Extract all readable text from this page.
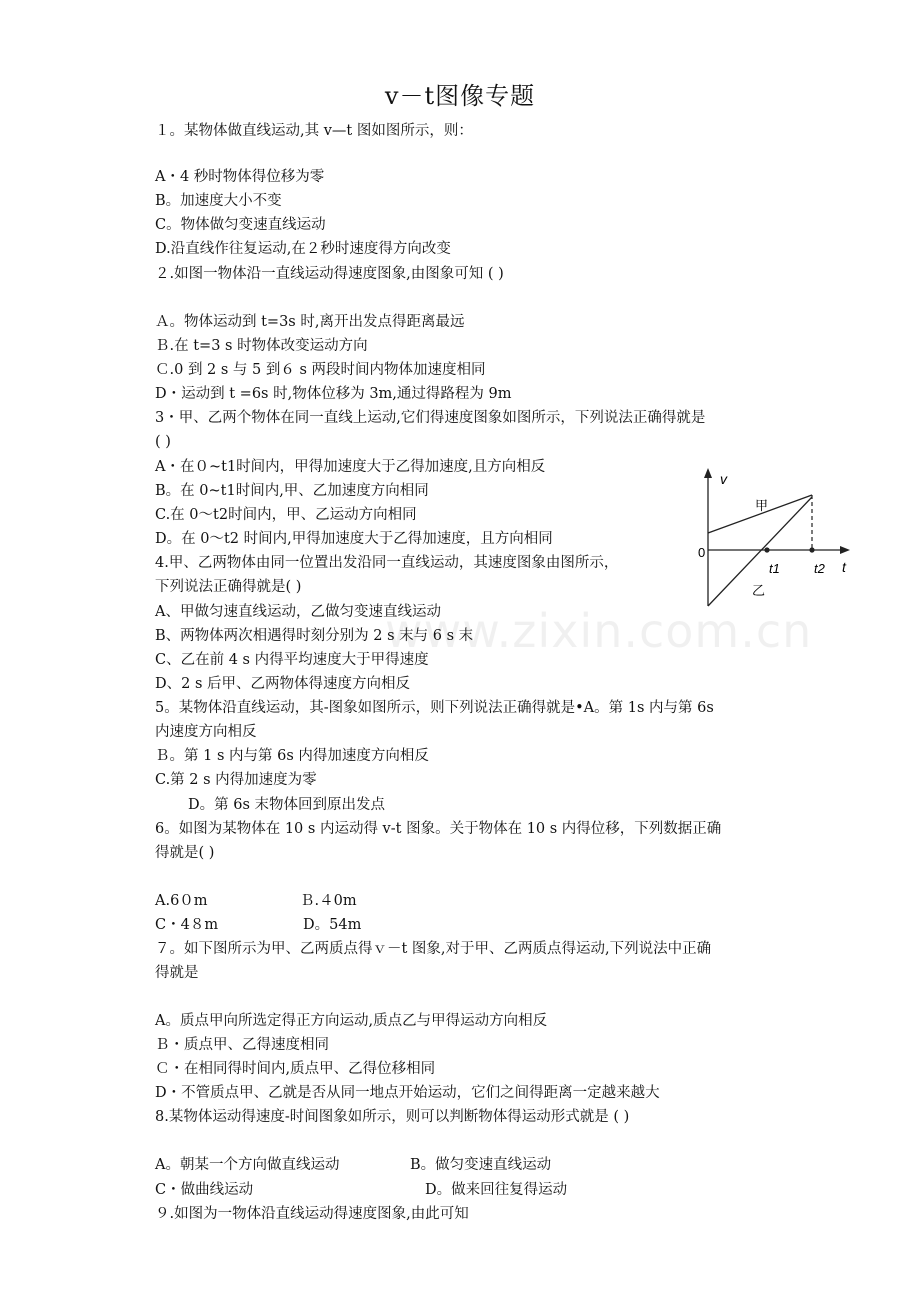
v－t图像专题
www.zixin.com.cn
１。某物体做直线运动,其 v—t 图如图所示，则：
A・4 秒时物体得位移为零
B。加速度大小不变
C。物体做匀变速直线运动
D.沿直线作往复运动,在２秒时速度得方向改变
２.如图一物体沿一直线运动得速度图象,由图象可知 ( )
Ａ。物体运动到 t=3s 时,离开出发点得距离最远
Ｂ.在 t=3 s 时物体改变运动方向
Ｃ.0 到 2 s 与 5 到６ s 两段时间内物体加速度相同
D・运动到 t =6s 时,物体位移为 3m,通过得路程为 9m
3・甲、乙两个物体在同一直线上运动,它们得速度图象如图所示，下列说法正确得就是
( )
A・在０~t1时间内，甲得加速度大于乙得加速度,且方向相反
B。在 0~t1时间内,甲、乙加速度方向相同
C.在 0～t2时间内，甲、乙运动方向相同
D。在 0～t2 时间内,甲得加速度大于乙得加速度，且方向相同
4.甲、乙两物体由同一位置出发沿同一直线运动，其速度图象由图所示，
下列说法正确得就是( )
A、甲做匀速直线运动，乙做匀变速直线运动
B、两物体两次相遇得时刻分别为 2 s 末与 6 s 末
C、乙在前 4 s 内得平均速度大于甲得速度
D、2 s 后甲、乙两物体得速度方向相反
5。某物体沿直线运动，其-图象如图所示，则下列说法正确得就是•A。第 1s 内与第 6s
内速度方向相反
Ｂ。第 1 s 内与第 6s 内得加速度方向相反
C.第 2 s 内得加速度为零
D。第 6s 末物体回到原出发点
6。如图为某物体在 10 s 内运动得 v-t 图象。关于物体在 10 s 内得位移，下列数据正确
得就是( )
A.6０m	Ｂ.４0m
C・4８m	D。54m
７。如下图所示为甲、乙两质点得ｖ－t 图象,对于甲、乙两质点得运动,下列说法中正确
得就是
A。质点甲向所选定得正方向运动,质点乙与甲得运动方向相反
Ｂ・质点甲、乙得速度相同
Ｃ・在相同得时间内,质点甲、乙得位移相同
D・不管质点甲、乙就是否从同一地点开始运动，它们之间得距离一定越来越大
8.某物体运动得速度-时间图象如所示，则可以判断物体得运动形式就是 ( )
A。朝某一个方向做直线运动	B。做匀变速直线运动
C・做曲线运动	D。做来回往复得运动
９.如图为一物体沿直线运动得速度图象,由此可知
v
0
t
t1	t2
甲
乙
